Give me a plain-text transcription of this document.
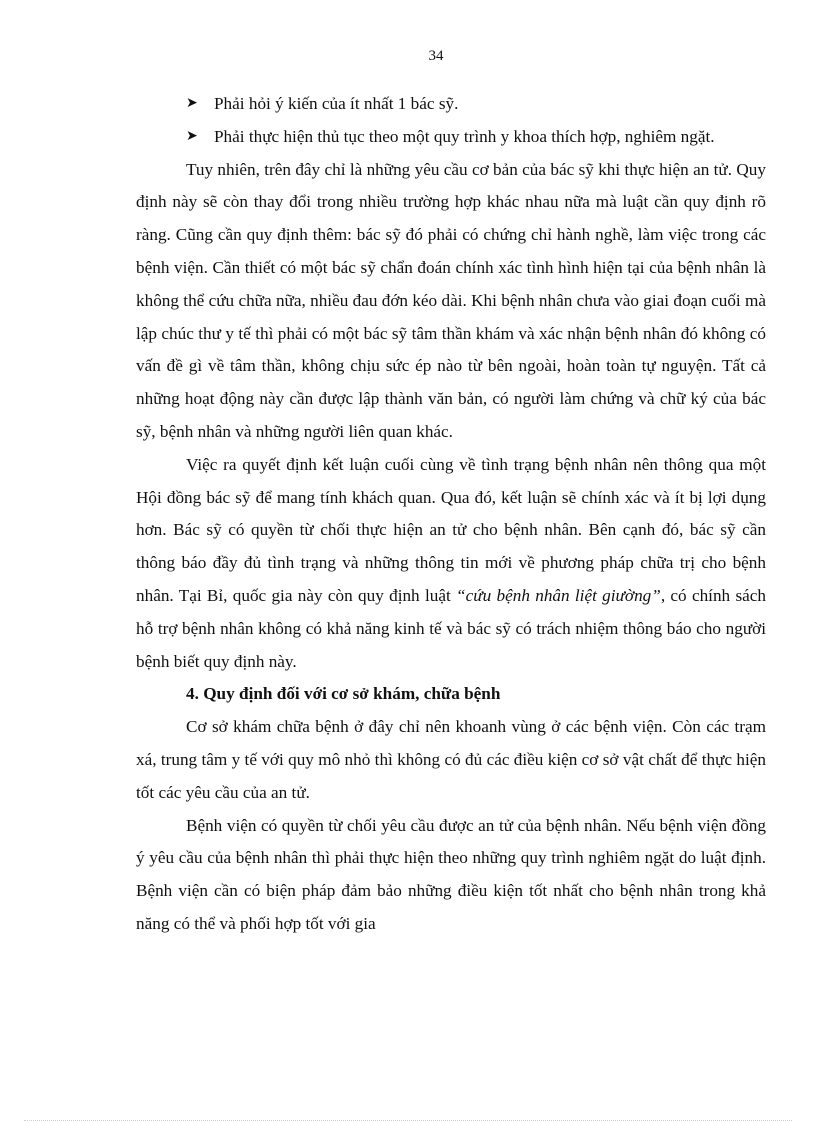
34
➤ Phải hỏi ý kiến của ít nhất 1 bác sỹ.
➤ Phải thực hiện thủ tục theo một quy trình y khoa thích hợp, nghiêm ngặt.

Tuy nhiên, trên đây chỉ là những yêu cầu cơ bản của bác sỹ khi thực hiện an tử. Quy định này sẽ còn thay đổi trong nhiều trường hợp khác nhau nữa mà luật cần quy định rõ ràng. Cũng cần quy định thêm: bác sỹ đó phải có chứng chỉ hành nghề, làm việc trong các bệnh viện. Cần thiết có một bác sỹ chẩn đoán chính xác tình hình hiện tại của bệnh nhân là không thể cứu chữa nữa, nhiều đau đớn kéo dài. Khi bệnh nhân chưa vào giai đoạn cuối mà lập chúc thư y tế thì phải có một bác sỹ tâm thần khám và xác nhận bệnh nhân đó không có vấn đề gì về tâm thần, không chịu sức ép nào từ bên ngoài, hoàn toàn tự nguyện. Tất cả những hoạt động này cần được lập thành văn bản, có người làm chứng và chữ ký của bác sỹ, bệnh nhân và những người liên quan khác.

Việc ra quyết định kết luận cuối cùng về tình trạng bệnh nhân nên thông qua một Hội đồng bác sỹ để mang tính khách quan. Qua đó, kết luận sẽ chính xác và ít bị lợi dụng hơn. Bác sỹ có quyền từ chối thực hiện an tử cho bệnh nhân. Bên cạnh đó, bác sỹ cần thông báo đầy đủ tình trạng và những thông tin mới về phương pháp chữa trị cho bệnh nhân. Tại Bỉ, quốc gia này còn quy định luật “cứu bệnh nhân liệt giường”, có chính sách hỗ trợ bệnh nhân không có khả năng kinh tế và bác sỹ có trách nhiệm thông báo cho người bệnh biết quy định này.

4. Quy định đối với cơ sở khám, chữa bệnh

Cơ sở khám chữa bệnh ở đây chỉ nên khoanh vùng ở các bệnh viện. Còn các trạm xá, trung tâm y tế với quy mô nhỏ thì không có đủ các điều kiện cơ sở vật chất để thực hiện tốt các yêu cầu của an tử.

Bệnh viện có quyền từ chối yêu cầu được an tử của bệnh nhân. Nếu bệnh viện đồng ý yêu cầu của bệnh nhân thì phải thực hiện theo những quy trình nghiêm ngặt do luật định. Bệnh viện cần có biện pháp đảm bảo những điều kiện tốt nhất cho bệnh nhân trong khả năng có thể và phối hợp tốt với gia
